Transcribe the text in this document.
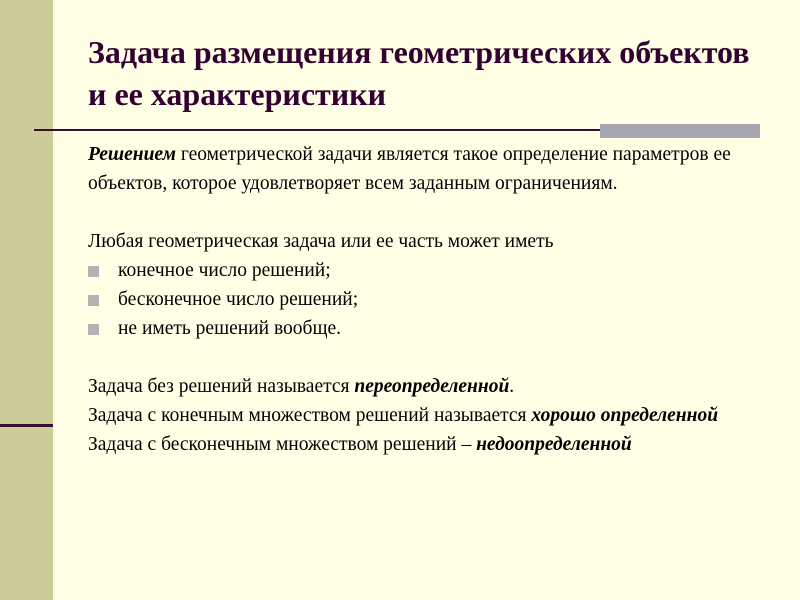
Задача размещения геометрических объектов и ее характеристики

Решением геометрической задачи является такое определение параметров ее объектов, которое удовлетворяет всем заданным ограничениям.

Любая геометрическая задача или ее часть может иметь

конечное число решений;
бесконечное число решений;
не иметь решений вообще.

Задача без решений называется переопределенной.

Задача с конечным множеством решений называется хорошо определенной

Задача с бесконечным множеством решений – недоопределенной
